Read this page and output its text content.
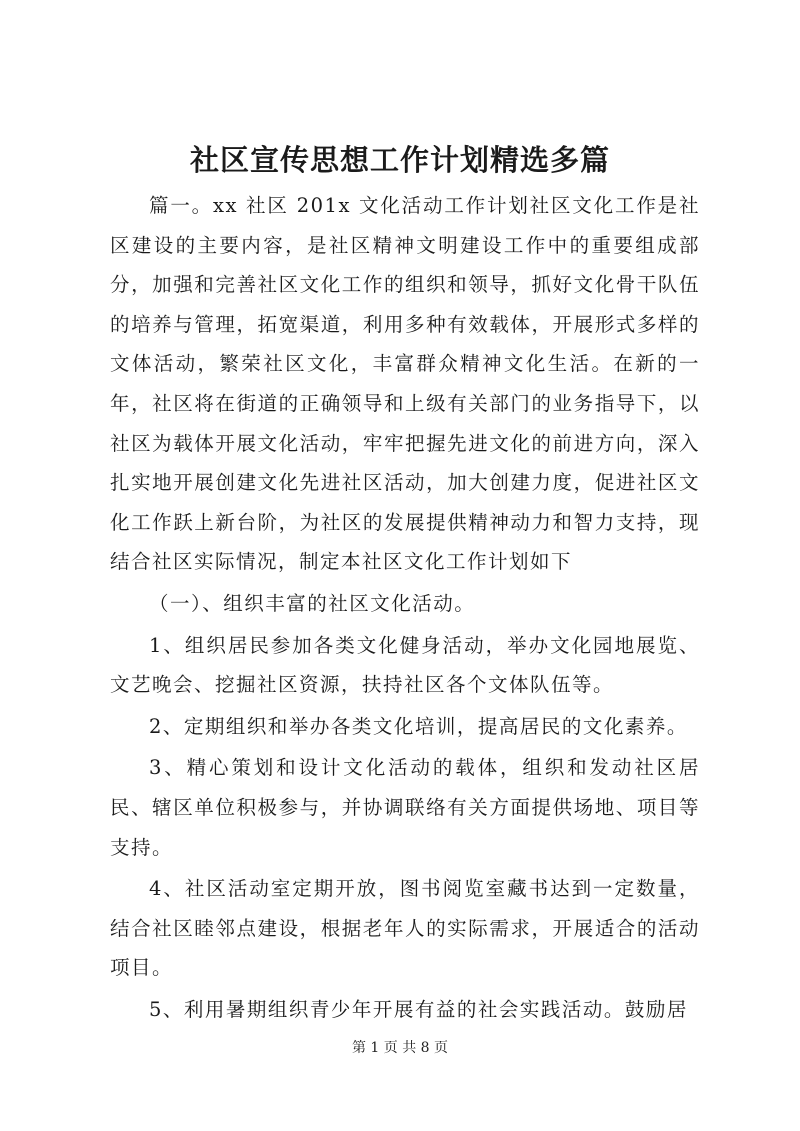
社区宣传思想工作计划精选多篇

篇一。xx 社区 201x 文化活动工作计划社区文化工作是社区建设的主要内容，是社区精神文明建设工作中的重要组成部分，加强和完善社区文化工作的组织和领导，抓好文化骨干队伍的培养与管理，拓宽渠道，利用多种有效载体，开展形式多样的文体活动，繁荣社区文化，丰富群众精神文化生活。在新的一年，社区将在街道的正确领导和上级有关部门的业务指导下，以社区为载体开展文化活动，牢牢把握先进文化的前进方向，深入扎实地开展创建文化先进社区活动，加大创建力度，促进社区文化工作跃上新台阶，为社区的发展提供精神动力和智力支持，现结合社区实际情况，制定本社区文化工作计划如下

（一）、组织丰富的社区文化活动。

1、组织居民参加各类文化健身活动，举办文化园地展览、文艺晚会、挖掘社区资源，扶持社区各个文体队伍等。

2、定期组织和举办各类文化培训，提高居民的文化素养。

3、精心策划和设计文化活动的载体，组织和发动社区居民、辖区单位积极参与，并协调联络有关方面提供场地、项目等支持。

4、社区活动室定期开放，图书阅览室藏书达到一定数量，结合社区睦邻点建设，根据老年人的实际需求，开展适合的活动项目。

5、利用暑期组织青少年开展有益的社会实践活动。鼓励居

第 1 页 共 8 页
